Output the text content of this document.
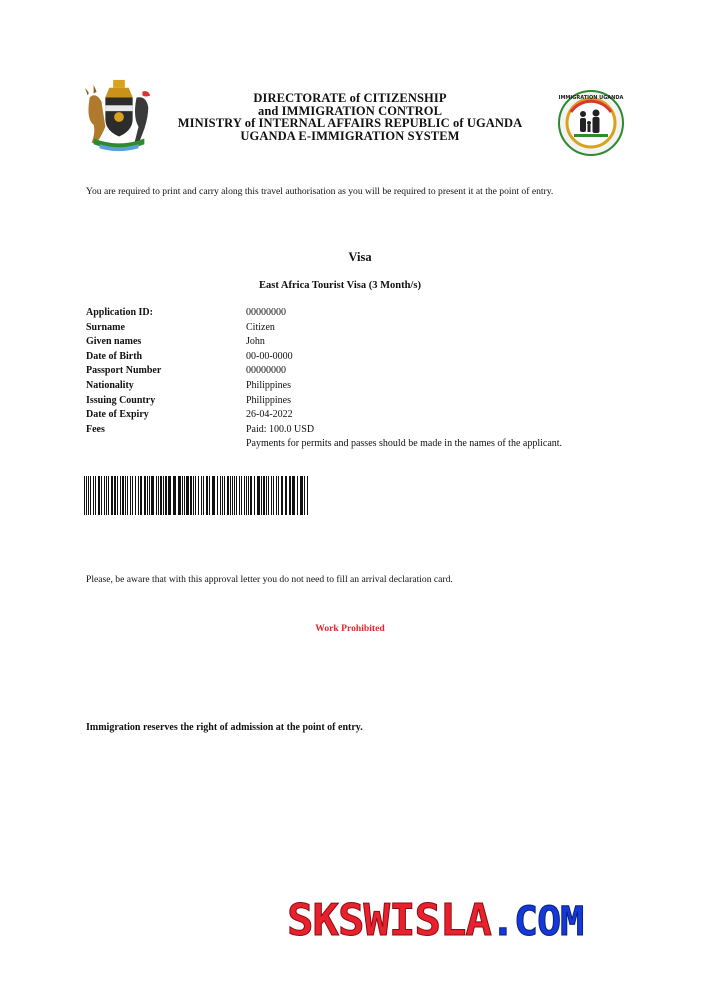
DIRECTORATE of CITIZENSHIP
and IMMIGRATION CONTROL
MINISTRY of INTERNAL AFFAIRS REPUBLIC of UGANDA
UGANDA E-IMMIGRATION SYSTEM
IMMIGRATION UGANDA
You are required to print and carry along this travel authorisation as you will be required to present it at the point of entry.
Visa
East Africa Tourist Visa (3 Month/s)
Application ID:	00000000
Surname	Citizen
Given names	John
Date of Birth	00-00-0000
Passport Number	00000000
Nationality	Philippines
Issuing Country	Philippines
Date of Expiry	26-04-2022
Fees	Paid: 100.0 USD
Payments for permits and passes should be made in the names of the applicant.
Please, be aware that with this approval letter you do not need to fill an arrival declaration card.
Work Prohibited
Immigration reserves the right of admission at the point of entry.
SKSWISLA.COM
